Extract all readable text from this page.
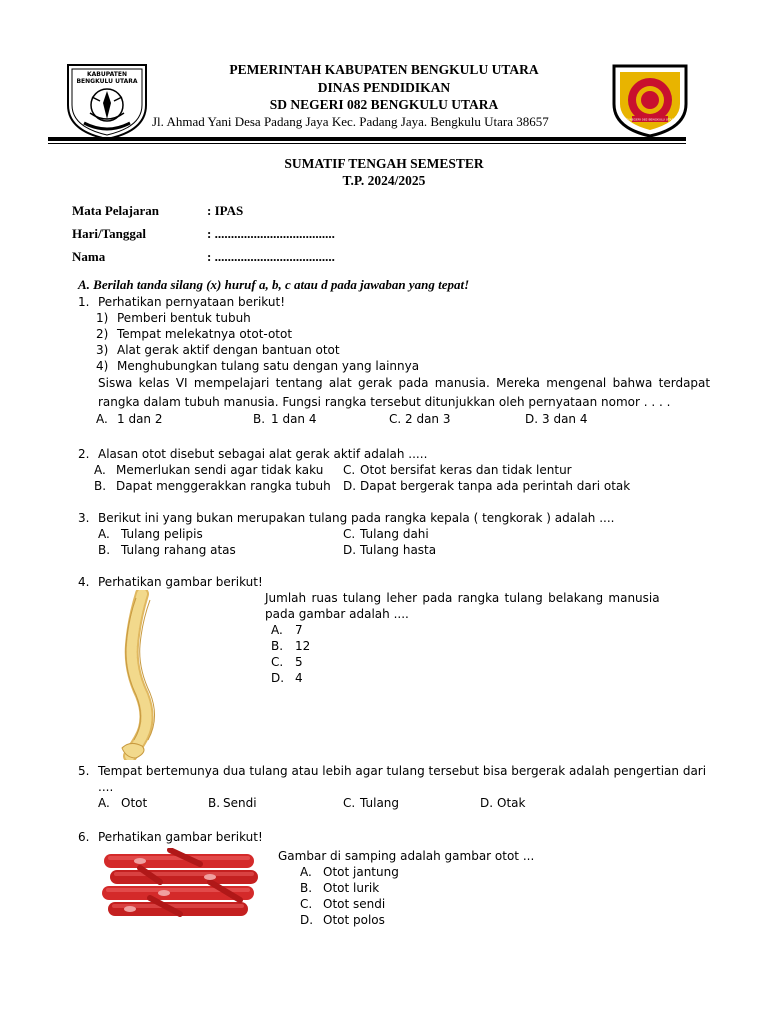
KABUPATEN
BENGKULU UTARA
SD NEGERI 082 BENGKULU UTARA
PEMERINTAH KABUPATEN BENGKULU UTARA
DINAS PENDIDIKAN
SD NEGERI 082 BENGKULU UTARA
Jl. Ahmad Yani Desa Padang Jaya Kec. Padang Jaya. Bengkulu Utara 38657
SUMATIF TENGAH SEMESTER
T.P. 2024/2025
Mata Pelajaran	: IPAS
Hari/Tanggal	: .....................................
Nama	: .....................................
A. Berilah tanda silang (x) huruf a, b, c atau d pada jawaban yang tepat!
1. Perhatikan pernyataan berikut!
1) Pemberi bentuk tubuh
2) Tempat melekatnya otot-otot
3) Alat gerak aktif dengan bantuan otot
4) Menghubungkan tulang satu dengan yang lainnya
Siswa kelas VI mempelajari tentang alat gerak pada manusia. Mereka mengenal bahwa terdapat
rangka dalam tubuh manusia. Fungsi rangka tersebut ditunjukkan oleh pernyataan nomor . . . .
A. 1 dan 2	B. 1 dan 4	C. 2 dan 3	D. 3 dan 4
2. Alasan otot disebut sebagai alat gerak aktif adalah .....
A. Memerlukan sendi agar tidak kaku C. Otot bersifat keras dan tidak lentur
B. Dapat menggerakkan rangka tubuh D. Dapat bergerak tanpa ada perintah dari otak
3. Berikut ini yang bukan merupakan tulang pada rangka kepala ( tengkorak ) adalah ....
A. Tulang pelipis	C. Tulang dahi
B. Tulang rahang atas	D. Tulang hasta
4. Perhatikan gambar berikut!
Jumlah ruas tulang leher pada rangka tulang belakang manusia
pada gambar adalah ....
A. 7
B. 12
C. 5
D. 4
5. Tempat bertemunya dua tulang atau lebih agar tulang tersebut bisa bergerak adalah pengertian dari
....
A. Otot	B. Sendi	C. Tulang	D. Otak
6. Perhatikan gambar berikut!
Gambar di samping adalah gambar otot ...
A. Otot jantung
B. Otot lurik
C. Otot sendi
D. Otot polos
